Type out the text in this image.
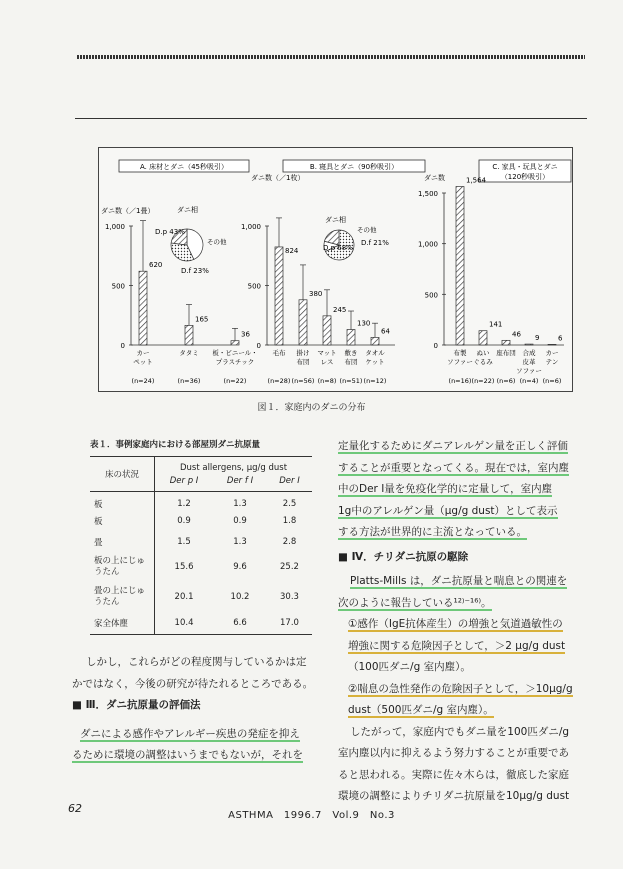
A. 床材とダニ（45秒吸引）
ダニ数（／1畳）
1,000
500
0
620
カー
ペット
(n=24)
165
タタミ
(n=36)
36
板・ビニール・
プラスチック
(n=22)
B. 寝具とダニ（90秒吸引）
ダニ数（／1枚）
1,000
500
0
824
毛布
(n=28)
380
掛け
布団
(n=56)
245
マット
レス
(n=8)
130
敷き
布団
(n=51)
64
タオル
ケット
(n=12)
C. 家具・玩具とダニ
（120秒吸引）
ダニ数
1,500
1,000
500
0
1,564
布製
ソファー
(n=16)
141
ぬい
ぐるみ
(n=22)
46
座布団
(n=6)
9
合成
皮革
ソファー
(n=4)
6
カー
テン
(n=6)
ダニ相
D.p 43%
その他
D.f 23%
ダニ相
その他
D.f 21%
D.p 68%
図１．家庭内のダニの分布
表１．事例家庭内における部屋別ダニ抗原量
床の状況	Dust allergens, μg/g dust		
	Der p Ⅰ	Der f Ⅰ	Der Ⅰ
板	1.2	1.3	2.5
板	0.9	0.9	1.8
畳	1.5	1.3	2.8
板の上にじゅうたん	15.6	9.6	25.2
畳の上にじゅうたん	20.1	10.2	30.3
家全体塵	10.4	6.6	17.0

しかし，これらがどの程度関与しているかは定

かではなく，今後の研究が待たれるところである。

■ Ⅲ．ダニ抗原量の評価法

ダニによる感作やアレルギー疾患の発症を抑え

るために環境の調整はいうまでもないが，それを

定量化するためにダニアレルゲン量を正しく評価

することが重要となってくる。現在では，室内塵

中のDer Ⅰ量を免疫化学的に定量して，室内塵

1g中のアレルゲン量（μg/g dust）として表示

する方法が世界的に主流となっている。

■ Ⅳ．チリダニ抗原の駆除

Platts-Mills は，ダニ抗原量と喘息との関連を

次のように報告している¹²⁾⁻¹⁶⁾。

①感作（IgE抗体産生）の増強と気道過敏性の

増強に関する危険因子として，＞2 μg/g dust

（100匹ダニ/g 室内塵）。

②喘息の急性発作の危険因子として，＞10μg/g

dust（500匹ダニ/g 室内塵）。

したがって，家庭内でもダニ量を100匹ダニ/g

室内塵以内に抑えるよう努力することが重要であ

ると思われる。実際に佐々木らは，徹底した家庭

環境の調整によりチリダニ抗原量を10μg/g dust

62
ASTHMA　1996.7　Vol.9　No.3
